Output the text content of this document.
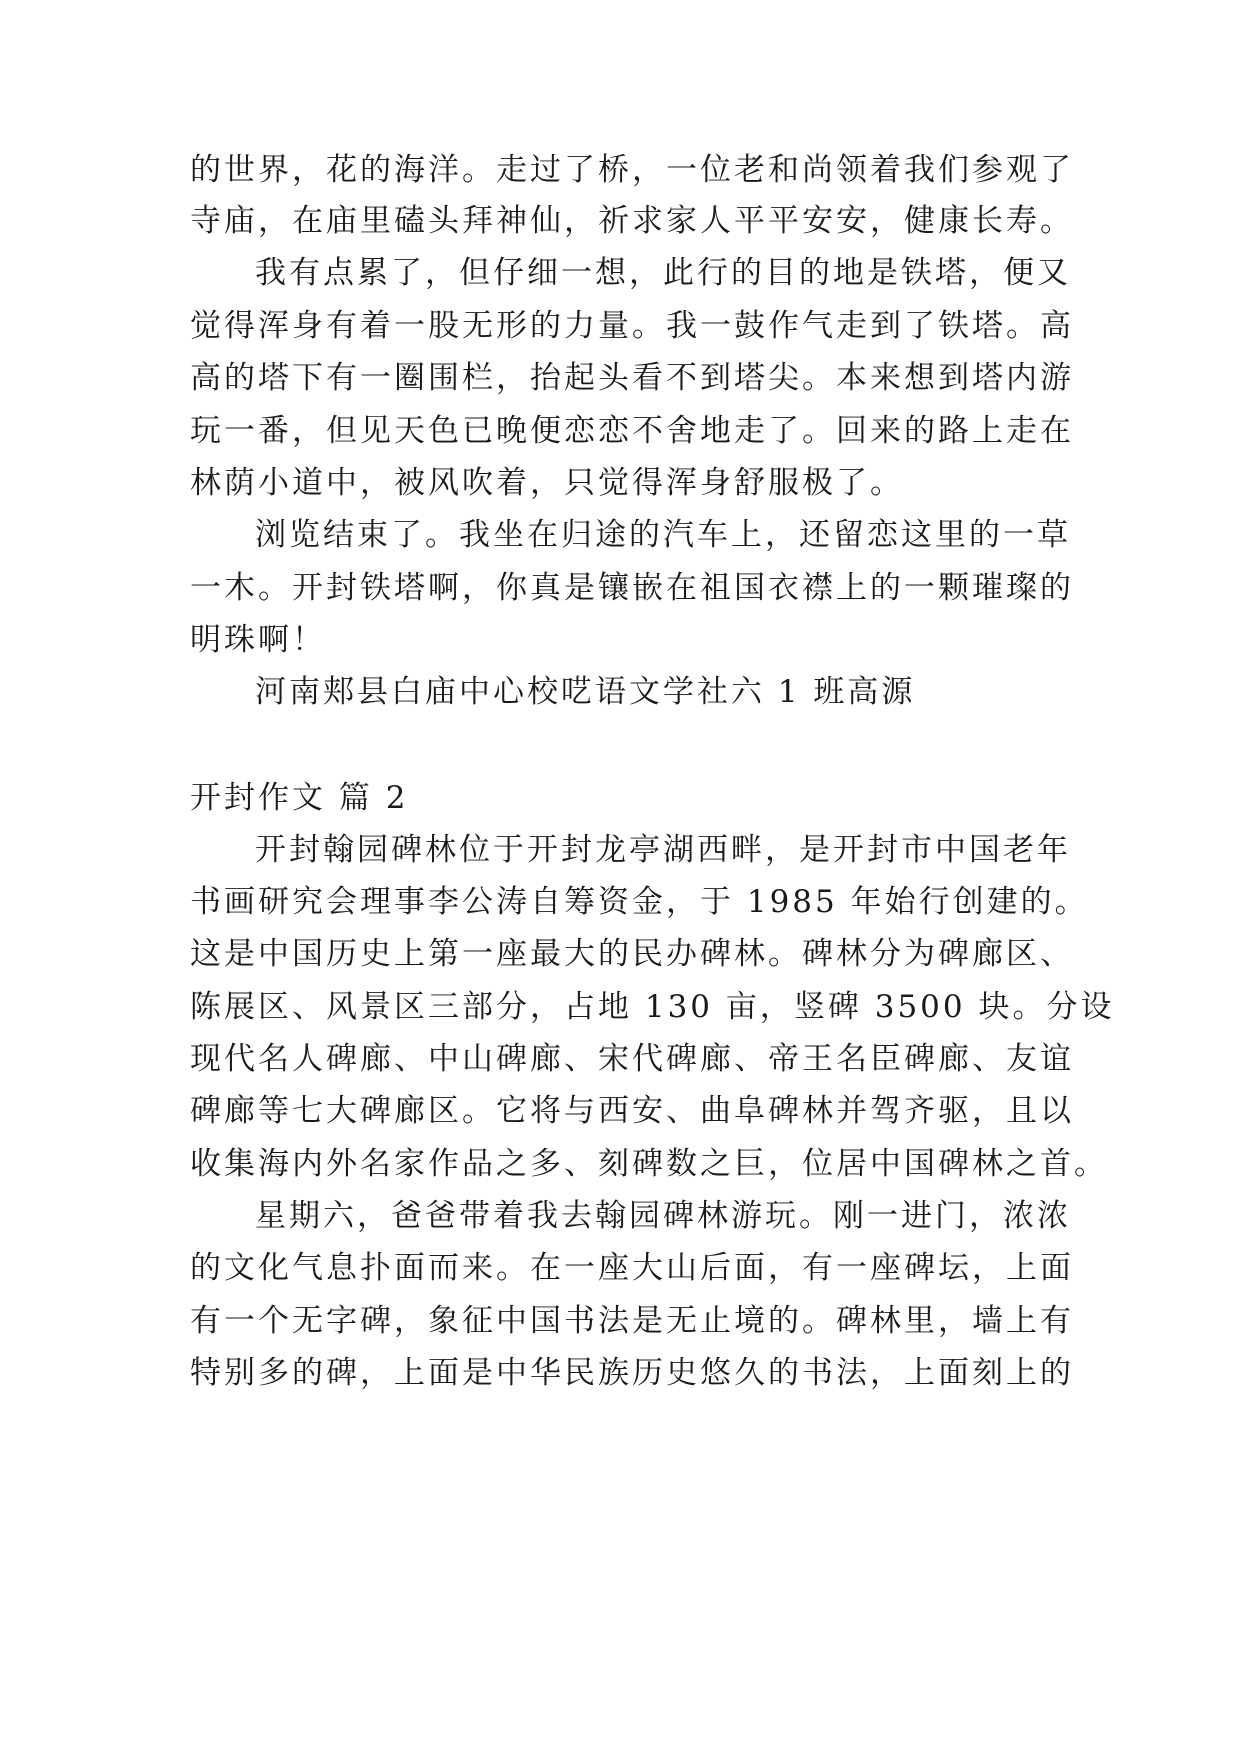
的世界，花的海洋。走过了桥，一位老和尚领着我们参观了
寺庙，在庙里磕头拜神仙，祈求家人平平安安，健康长寿。
我有点累了，但仔细一想，此行的目的地是铁塔，便又
觉得浑身有着一股无形的力量。我一鼓作气走到了铁塔。高
高的塔下有一圈围栏，抬起头看不到塔尖。本来想到塔内游
玩一番，但见天色已晚便恋恋不舍地走了。回来的路上走在
林荫小道中，被风吹着，只觉得浑身舒服极了。
浏览结束了。我坐在归途的汽车上，还留恋这里的一草
一木。开封铁塔啊，你真是镶嵌在祖国衣襟上的一颗璀璨的
明珠啊！
河南郏县白庙中心校呓语文学社六 1 班高源
开封作文 篇 2
开封翰园碑林位于开封龙亭湖西畔，是开封市中国老年
书画研究会理事李公涛自筹资金，于 1985 年始行创建的。
这是中国历史上第一座最大的民办碑林。碑林分为碑廊区、
陈展区、风景区三部分，占地 130 亩，竖碑 3500 块。分设
现代名人碑廊、中山碑廊、宋代碑廊、帝王名臣碑廊、友谊
碑廊等七大碑廊区。它将与西安、曲阜碑林并驾齐驱，且以
收集海内外名家作品之多、刻碑数之巨，位居中国碑林之首。
星期六，爸爸带着我去翰园碑林游玩。刚一进门，浓浓
的文化气息扑面而来。在一座大山后面，有一座碑坛，上面
有一个无字碑，象征中国书法是无止境的。碑林里，墙上有
特别多的碑，上面是中华民族历史悠久的书法，上面刻上的
